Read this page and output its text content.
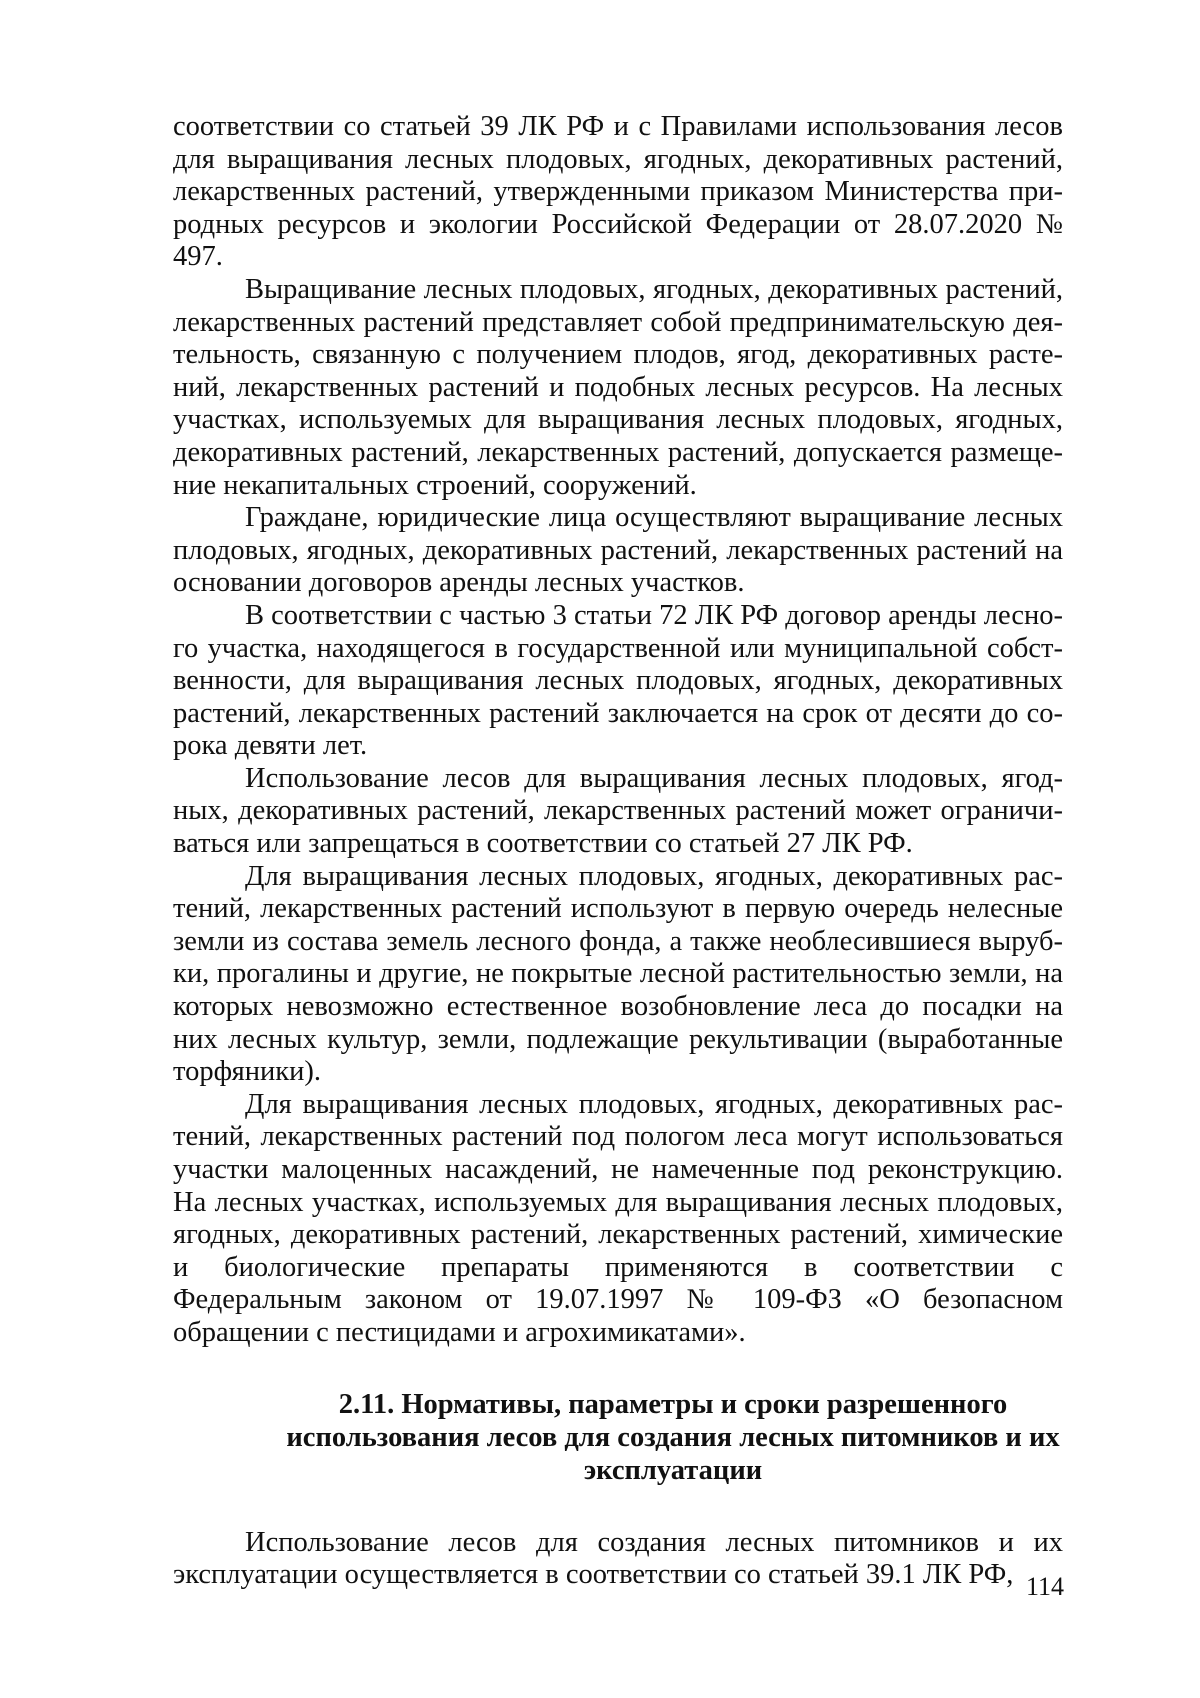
соответствии со статьей 39 ЛК РФ и с Правилами использования лесов для выращивания лесных плодовых, ягодных, декоративных растений, лекарственных растений, утвержденными приказом Министерства природных ресурсов и экологии Российской Федерации от 28.07.2020 № 497.

Выращивание лесных плодовых, ягодных, декоративных растений, лекарственных растений представляет собой предпринимательскую деятельность, связанную с получением плодов, ягод, декоративных растений, лекарственных растений и подобных лесных ресурсов. На лесных участках, используемых для выращивания лесных плодовых, ягодных, декоративных растений, лекарственных растений, допускается размещение некапитальных строений, сооружений.

Граждане, юридические лица осуществляют выращивание лесных плодовых, ягодных, декоративных растений, лекарственных растений на основании договоров аренды лесных участков.

В соответствии с частью 3 статьи 72 ЛК РФ договор аренды лесного участка, находящегося в государственной или муниципальной собственности, для выращивания лесных плодовых, ягодных, декоративных растений, лекарственных растений заключается на срок от десяти до сорока девяти лет.

Использование лесов для выращивания лесных плодовых, ягодных, декоративных растений, лекарственных растений может ограничиваться или запрещаться в соответствии со статьей 27 ЛК РФ.

Для выращивания лесных плодовых, ягодных, декоративных растений, лекарственных растений используют в первую очередь нелесные земли из состава земель лесного фонда, а также необлесившиеся вырубки, прогалины и другие, не покрытые лесной растительностью земли, на которых невозможно естественное возобновление леса до посадки на них лесных культур, земли, подлежащие рекультивации (выработанные торфяники).

Для выращивания лесных плодовых, ягодных, декоративных растений, лекарственных растений под пологом леса могут использоваться участки малоценных насаждений, не намеченные под реконструкцию. На лесных участках, используемых для выращивания лесных плодовых, ягодных, декоративных растений, лекарственных растений, химические и биологические препараты применяются в соответствии с Федеральным законом от 19.07.1997 № 109-ФЗ «О безопасном обращении с пестицидами и агрохимикатами».

2.11. Нормативы, параметры и сроки разрешенного
использования лесов для создания лесных питомников и их
эксплуатации

Использование лесов для создания лесных питомников и их эксплуатации осуществляется в соответствии со статьей 39.1 ЛК РФ, 114
